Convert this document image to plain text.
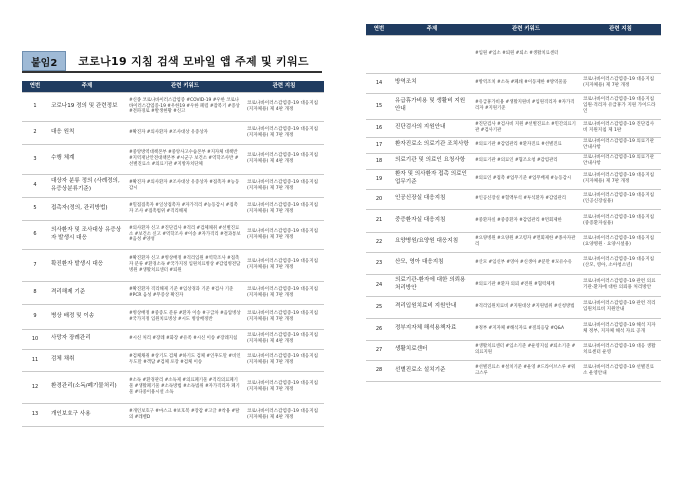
붙임2	코로나19 지침 검색 모바일 앱 주제 및 키워드
연번	주제	관련 키워드	관련 지침
1	코로나19 정의 및 관련정보	#신종 코로나바이러스감염증 #COVID-19 #우한 코로나바이러스감염증-19 #우한19 #우한 폐렴 #잠복기 #증상 #전파경로 #발생현황 #신고	코로나바이러스감염증-19 대응지침 (지자체용) 제 4판 개정
2	대응 원칙	#확진자 #의사환자 #조사대상 유증상자	코로나바이러스감염증-19 대응지침 (지자체용) 제 7판 개정
3	수행 체계	#중앙방역대책본부 #중앙사고수습본부 #지자체 대책반 #지역재난안전대책본부 #시군구 보건소 #역학조사반 #선별진료소 #의료기관 #지방자치단체	코로나바이러스감염증-19 대응지침 (지자체용) 제 4판 개정
4	대상자 분류 정의 (사례정의,유증상분류기준)	#확진자 #의사환자 #조사대상 유증상자 #접촉자 #능동감시	코로나바이러스감염증-19 대응지침 (지자체용) 제 7판 개정
5	접촉자(정의, 관리방법)	#밀접접촉자 #일상접촉자 #자가격리 #능동감시 #접촉자 조사 #접촉범위 #격리해제	코로나바이러스감염증-19 대응지침 (지자체용) 제 7판 개정
6	의사환자 및 조사대상 유증상자 발생시 대응	#의사환자 신고 #진단검사 #격리 #검체채취 #선별진료소 #보건소 신고 #역학조사 #이송 #자가격리 #결과통보 #음성 #양성	코로나바이러스감염증-19 대응지침 (지자체용) 제 7판 개정
7	확진환자 발생시 대응	#확진환자 신고 #병상배정 #격리입원 #역학조사 #접촉자 분류 #환경소독 #국가지정 입원치료병상 #감염병전담병원 #생활치료센터 #퇴원	코로나바이러스감염증-19 대응지침 (지자체용) 제 7판 개정
8	격리해제 기준	#확진환자 격리해제 기준 #임상경과 기준 #검사 기준 #PCR 음성 #무증상 확진자	코로나바이러스감염증-19 대응지침 (지자체용) 제 7판 개정
9	병상 배정 및 이송	#병상배정 #중증도 분류 #환자 이송 #구급차 #음압병상 #국가지정 입원치료병상 #시도 병상배정반	코로나바이러스감염증-19 대응지침 (지자체용) 제 7판 개정
10	사망자 장례관리	#시신 처리 #장례 #화장 #유족 #시신 이송 #장례지침	코로나바이러스감염증-19 대응지침 (지자체용) 제 4판 개정
11	검체 채취	#검체채취 #상기도 검체 #하기도 검체 #인후도말 #비인두도말 #객담 #검체 포장 #검체 이송	코로나바이러스감염증-19 대응지침 (지자체용) 제 7판 개정
12	환경관리(소독/폐기물처리)	#소독 #환경관리 #소독제 #의료폐기물 #격리의료폐기물 #생활폐기물 #소독방법 #소독범위 #자가격리자 폐기물 #다중이용시설 소독	코로나바이러스감염증-19 대응지침 (지자체용) 제 7판 개정
13	개인보호구 사용	#개인보호구 #마스크 #보호복 #장갑 #고글 #착용 #탈의 #레벨D	코로나바이러스감염증-19 대응지침 (지자체용) 제 4판 개정
연번	주제	관련 키워드	관련 지침
		#입원 #입소 #퇴원 #퇴소 #생활치료센터	
14	방역조치	#방역조치 #소독 #폐쇄 #이동제한 #방역물품	코로나바이러스감염증-19 대응지침 (지자체용) 제 7판 개정
15	유급휴가비용 및 생활비 지원안내	#유급휴가비용 #생활지원비 #입원격리자 #자가격리자 #지원기준	코로나바이러스감염증-19 대응지침 입원·격리자 유급휴가 지원 가이드라인
16	진단검사의 지원안내	#진단검사 #검사비 지원 #선별진료소 #민간의료기관 #검사기관	코로나바이러스감염증-19 진단검사비 지원지침 제 1판
17	환자진료소 의료기관 조치사항	#의료기관 #감염관리 #환자진료 #선별진료	코로나바이러스감염증-19 의료기관 안내사항
18	의료기관 및 의료인 요청사항	#의료기관 #의료인 #협조요청 #감염관리	코로나바이러스감염증-19 의료기관 안내사항
19	환자 및 의사환자 접촉 의료인 업무기준	#의료인 #접촉 #업무기준 #업무배제 #능동감시	코로나바이러스감염증-19 대응지침 (지자체용) 제 7판 개정
20	인공신장실 대응지침	#인공신장실 #혈액투석 #투석환자 #감염관리	코로나바이러스감염증-19 대응지침 (인공신장실용)
21	중증환자실 대응지침	#중환자실 #중증환자 #감염관리 #면회제한	코로나바이러스감염증-19 대응지침 (중증환자실용)
22	요양병원/요양원 대응지침	#요양병원 #요양원 #고령자 #면회제한 #종사자관리	코로나바이러스감염증-19 대응지침 (요양병원 · 요양시설용)
23	산모, 영아 대응지침	#산모 #임신부 #영아 #신생아 #분만 #모유수유	코로나바이러스감염증-19 대응지침 (산모, 영아, 소아청소년)
24	의료기관-환자에 대한 의뢰용 처리방안	#의료기관 #환자 의뢰 #전원 #협력체계	코로나바이러스감염증-19 관련 의료기관-환자에 대한 의뢰용 처리방안
25	격리입원치료비 지원안내	#격리입원치료비 #지원대상 #지원범위 #신청방법	코로나바이러스감염증-19 관련 격리입원치료비 지원안내
26	정부지자체 해석용책자료	#정부 #지자체 #해석자료 #질의응답 #Q&A	코로나바이러스감염증-19 해석 지자체 정부, 지자체 해석 자료 공개
27	생활치료센터	#생활치료센터 #입소기준 #운영지침 #퇴소기준 #의료지원	코로나바이러스감염증-19 대응 생활치료센터 운영
28	선별진료소 설치기준	#선별진료소 #설치기준 #운영 #드라이브스루 #워크스루	코로나바이러스감염증-19 선별진료소 운영안내
